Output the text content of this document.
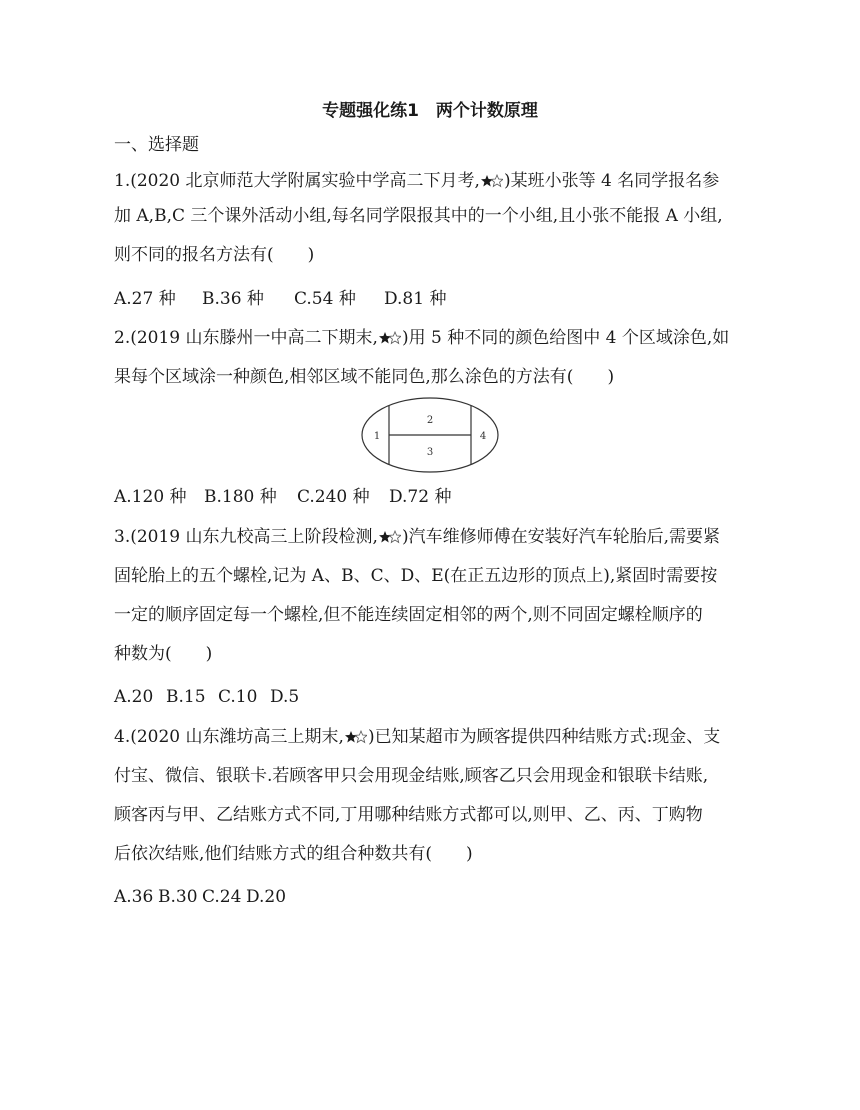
专题强化练1　两个计数原理
一、选择题
1.(2020 北京师范大学附属实验中学高二下月考, )某班小张等 4 名同学报名参
加 A,B,C 三个课外活动小组,每名同学限报其中的一个小组,且小张不能报 A 小组,
则不同的报名方法有(　　)
A.27 种 B.36 种 C.54 种 D.81 种
2.(2019 山东滕州一中高二下期末, )用 5 种不同的颜色给图中 4 个区域涂色,如
果每个区域涂一种颜色,相邻区域不能同色,那么涂色的方法有(　　)
1
2
3
4
A.120 种 B.180 种 C.240 种 D.72 种
3.(2019 山东九校高三上阶段检测, )汽车维修师傅在安装好汽车轮胎后,需要紧
固轮胎上的五个螺栓,记为 A、B、C、D、E(在正五边形的顶点上),紧固时需要按
一定的顺序固定每一个螺栓,但不能连续固定相邻的两个,则不同固定螺栓顺序的
种数为(　　)
A.20 B.15 C.10 D.5
4.(2020 山东潍坊高三上期末, )已知某超市为顾客提供四种结账方式:现金、支
付宝、微信、银联卡.若顾客甲只会用现金结账,顾客乙只会用现金和银联卡结账,
顾客丙与甲、乙结账方式不同,丁用哪种结账方式都可以,则甲、乙、丙、丁购物
后依次结账,他们结账方式的组合种数共有(　　)
A.36 B.30 C.24 D.20
